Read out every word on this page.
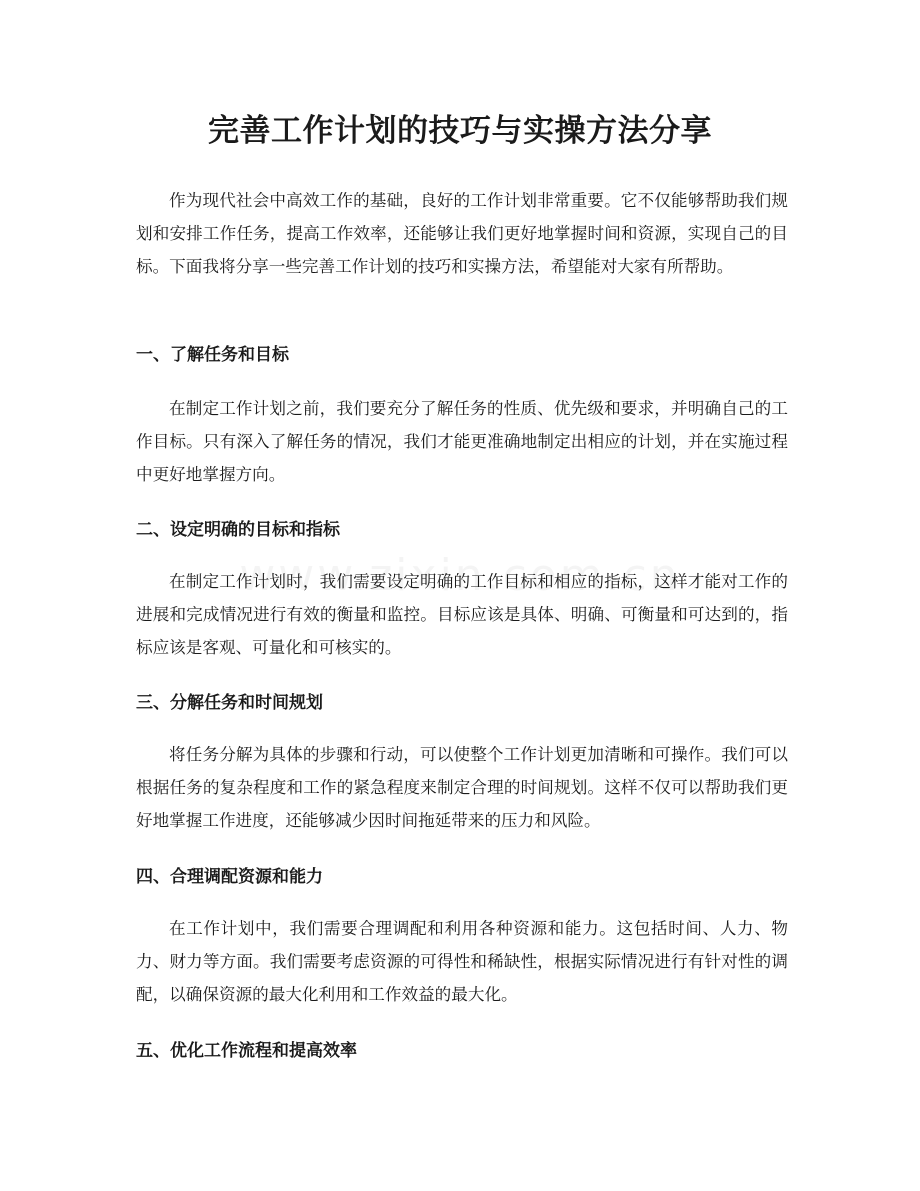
完善工作计划的技巧与实操方法分享

作为现代社会中高效工作的基础，良好的工作计划非常重要。它不仅能够帮助我们规划和安排工作任务，提高工作效率，还能够让我们更好地掌握时间和资源，实现自己的目标。下面我将分享一些完善工作计划的技巧和实操方法，希望能对大家有所帮助。

一、了解任务和目标

在制定工作计划之前，我们要充分了解任务的性质、优先级和要求，并明确自己的工作目标。只有深入了解任务的情况，我们才能更准确地制定出相应的计划，并在实施过程中更好地掌握方向。

二、设定明确的目标和指标

在制定工作计划时，我们需要设定明确的工作目标和相应的指标，这样才能对工作的进展和完成情况进行有效的衡量和监控。目标应该是具体、明确、可衡量和可达到的，指标应该是客观、可量化和可核实的。

三、分解任务和时间规划

将任务分解为具体的步骤和行动，可以使整个工作计划更加清晰和可操作。我们可以根据任务的复杂程度和工作的紧急程度来制定合理的时间规划。这样不仅可以帮助我们更好地掌握工作进度，还能够减少因时间拖延带来的压力和风险。

四、合理调配资源和能力

在工作计划中，我们需要合理调配和利用各种资源和能力。这包括时间、人力、物力、财力等方面。我们需要考虑资源的可得性和稀缺性，根据实际情况进行有针对性的调配，以确保资源的最大化利用和工作效益的最大化。

五、优化工作流程和提高效率
